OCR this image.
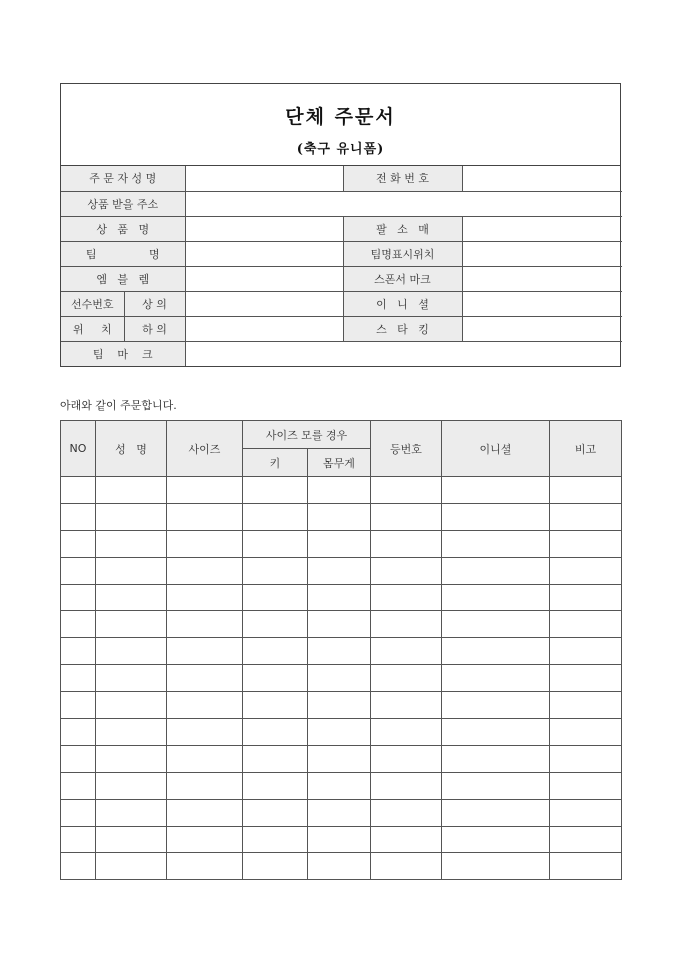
단체 주문서
(축구 유니폼)
주 문 자 성 명			전 화 번 호	
상품 받을 주소				
상   품   명			팔   소   매	
팀               명			팀명표시위치	
엠   블   렘			스폰서 마크	
선수번호	상 의		이   니   셜	
위     치	하 의		스   타   킹	
팀    마    크				
아래와 같이 주문합니다.
NO	성   명	사이즈	사이즈 모를 경우		등번호	이니셜	비고
			키	몸무게			
